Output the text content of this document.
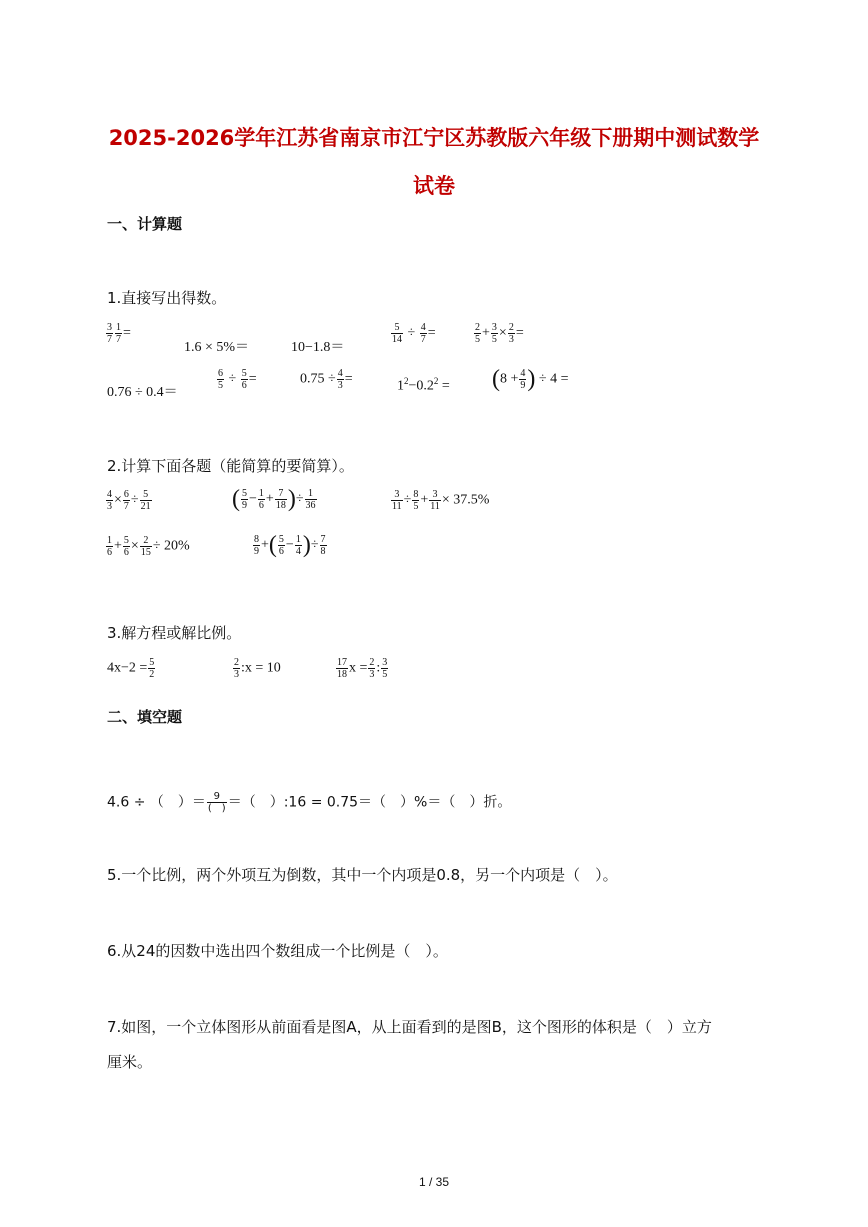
2025-2026学年江苏省南京市江宁区苏教版六年级下册期中测试数学
试卷
一、计算题
1.直接写出得数。
$\frac{3}{7} \frac{1}{7}$ =
1.6 × 5%＝	10−1.8＝
$\frac{5}{14} \div \frac{4}{7}$ =	$\frac{2}{5} + \frac{3}{5} \times \frac{2}{3}$ =
0.76 ÷ 0.4＝
$\frac{6}{5} \div \frac{5}{6}$ =	$0.75 \div \frac{4}{3}$ =	$1^2-0.2^2 = (8 + \frac{4}{9}$ ) ÷ 4 =
2.计算下面各题（能简算的要简算）。
$\frac{4}{3} \times \frac{6}{7} \div \frac{5}{21}$	( $\frac{5}{9} - \frac{1}{6} + \frac{7}{18}$ )÷ $\frac{1}{36}$	$\frac{3}{11} \div \frac{8}{5} + \frac{3}{11} \times 37.5\%$
$\frac{1}{6} + \frac{5}{6} \times \frac{2}{15} \div 20\%$	$\frac{8}{9}$ +( $\frac{5}{6} - \frac{1}{4}$ )÷ $\frac{7}{8}$
3.解方程或解比例。
$4x-2 = \frac{5}{2}$	$\frac{2}{3}$ :x = 10	$\frac{17}{18}$ $x = \frac{2}{3}$ : $\frac{3}{5}$
二、填空题
4.6 ÷ （　）＝ 9
(　) ＝（　）:16 = 0.75＝（　）%＝（　）折。
5.一个比例，两个外项互为倒数，其中一个内项是0.8，另一个内项是（　）。
6.从24的因数中选出四个数组成一个比例是（　）。
7.如图，一个立体图形从前面看是图A，从上面看到的是图B，这个图形的体积是（　）立方
厘米。
1 / 35
